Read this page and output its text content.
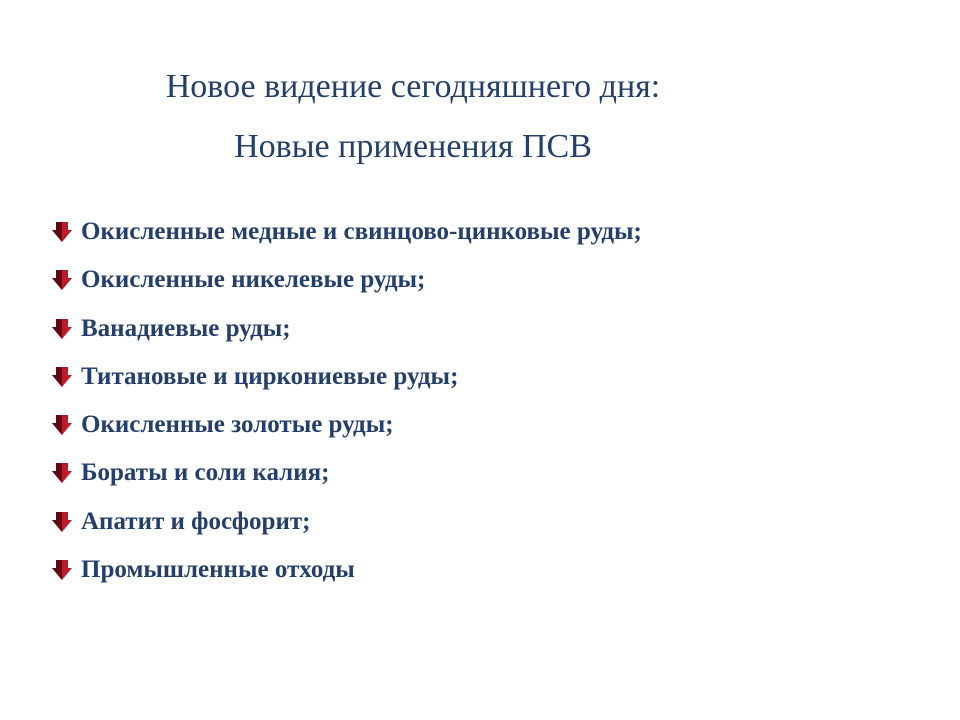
Новое видение сегодняшнего дня:
Новые применения ПСВ
Окисленные медные и свинцово-цинковые руды;
Окисленные никелевые руды;
Ванадиевые руды;
Титановые и циркониевые руды;
Окисленные золотые руды;
Бораты и соли калия;
Апатит и фосфорит;
Промышленные отходы
